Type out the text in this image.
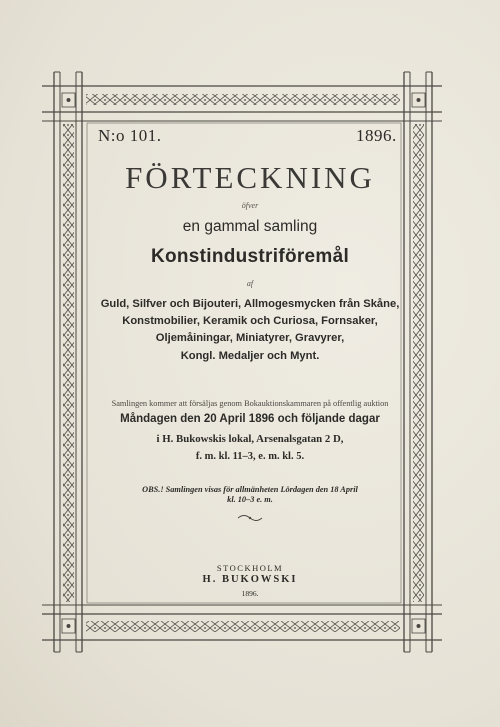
N:o 101.	1896.
FÖRTECKNING
öfver
en gammal samling
Konstindustriföremål
af
Guld, Silfver och Bijouteri, Allmogesmycken från Skåne,
Konstmobilier, Keramik och Curiosa, Fornsaker,
Oljemåiningar, Miniatyrer, Gravyrer,
Kongl. Medaljer och Mynt.
Samlingen kommer att försäljas genom Bokauktionskammaren på offentlig auktion
Måndagen den 20 April 1896 och följande dagar
i H. Bukowskis lokal, Arsenalsgatan 2 D,
f. m. kl. 11–3, e. m. kl. 5.
OBS.! Samlingen visas för allmänheten Lördagen den 18 April
kl. 10–3 e. m.
STOCKHOLM
H. BUKOWSKI
1896.
